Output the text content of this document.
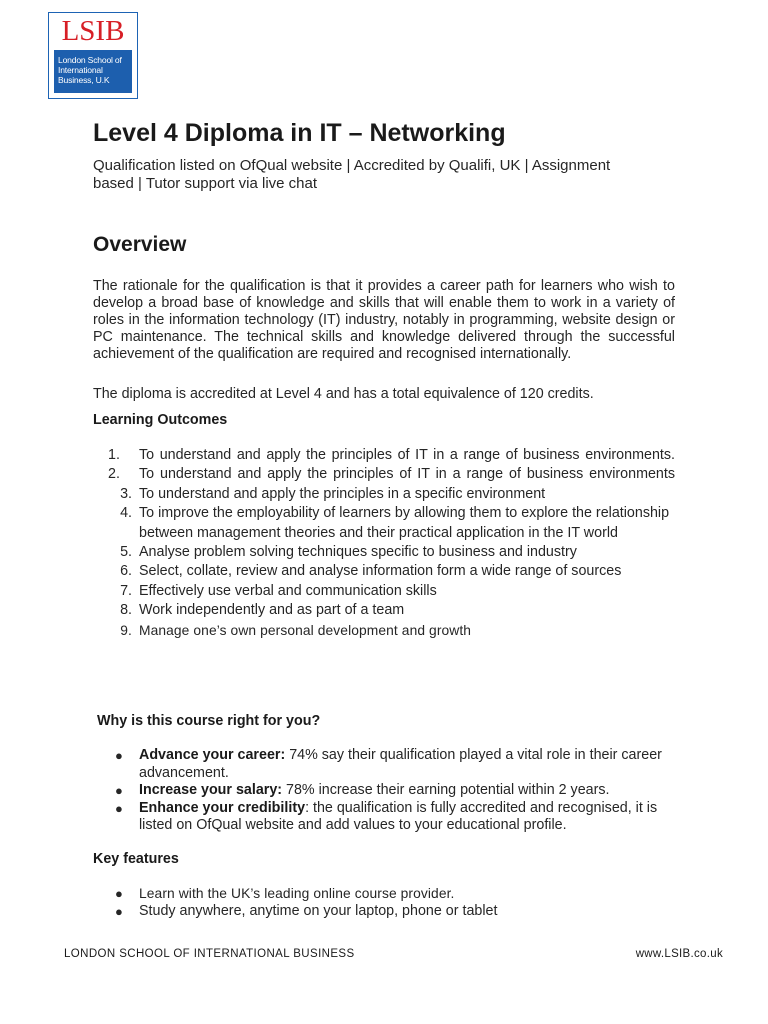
LSIB
London School of
International
Business, U.K
Level 4 Diploma in IT – Networking

Qualification listed on OfQual website | Accredited by Qualifi, UK | Assignment based | Tutor support via live chat

Overview

The rationale for the qualification is that it provides a career path for learners who wish to develop a broad base of knowledge and skills that will enable them to work in a variety of roles in the information technology (IT) industry, notably in programming, website design or PC maintenance. The technical skills and knowledge delivered through the successful achievement of the qualification are required and recognised internationally.

The diploma is accredited at Level 4 and has a total equivalence of 120 credits.

Learning Outcomes
1.	To understand and apply the principles of IT in a range of business environments.
2.	To understand and apply the principles of IT in a range of business environments
3. To understand and apply the principles in a specific environment
4. To improve the employability of learners by allowing them to explore the relationship
between management theories and their practical application in the IT world
5. Analyse problem solving techniques specific to business and industry
6. Select, collate, review and analyse information form a wide range of sources
7. Effectively use verbal and communication skills
8. Work independently and as part of a team
9. Manage one’s own personal development and growth
Why is this course right for you?
● Advance your career: 74% say their qualification played a vital role in their career advancement.
● Increase your salary: 78% increase their earning potential within 2 years.
● Enhance your credibility: the qualification is fully accredited and recognised, it is listed on OfQual website and add values to your educational profile.
Key features
● Learn with the UK’s leading online course provider.
● Study anywhere, anytime on your laptop, phone or tablet
LONDON SCHOOL OF INTERNATIONAL BUSINESS	www.LSIB.co.uk
